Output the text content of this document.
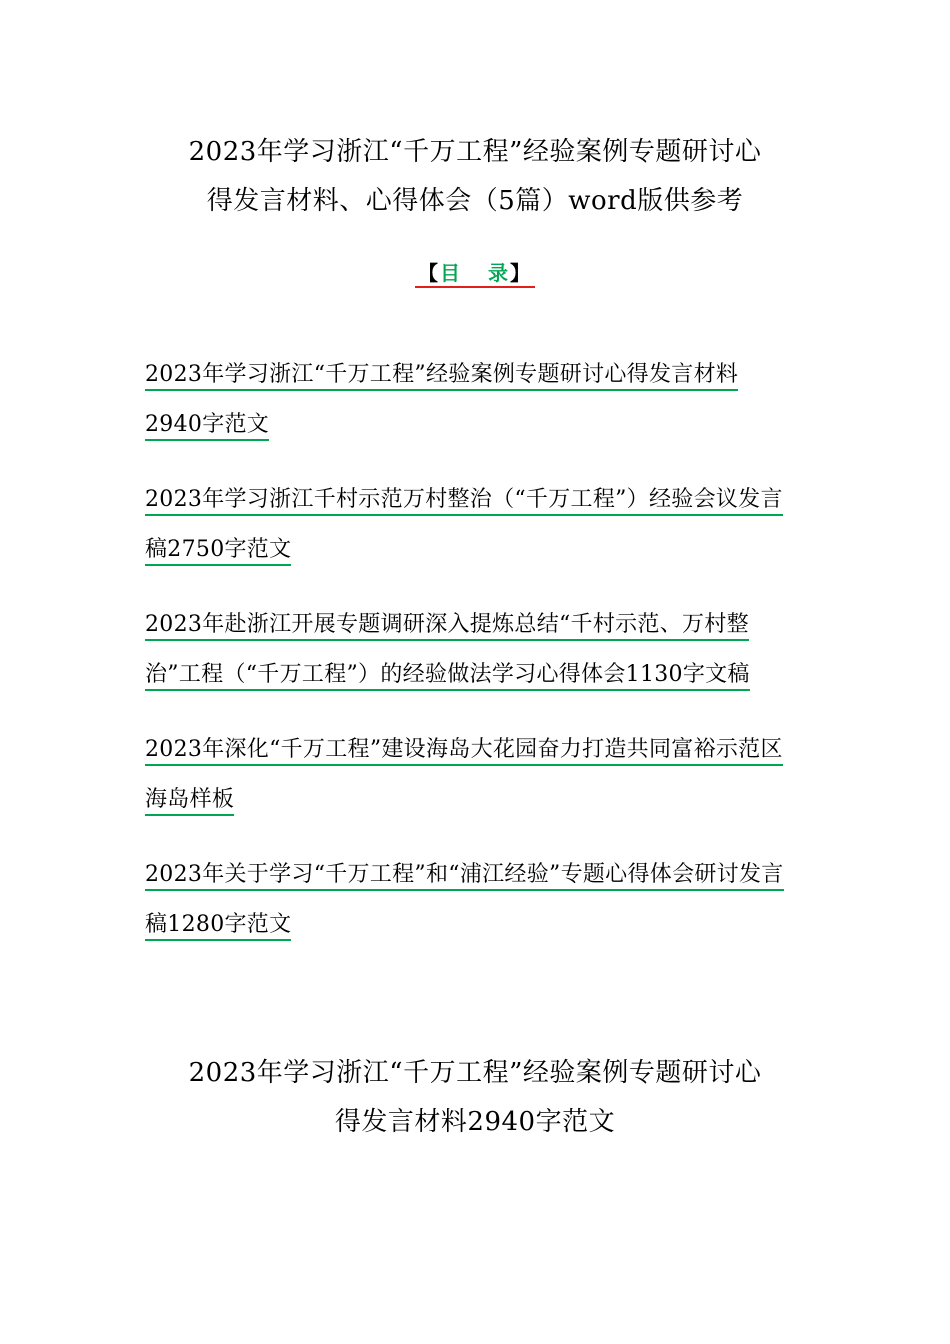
2023年学习浙江“千万工程”经验案例专题研讨心
得发言材料、心得体会（5篇）word版供参考
【目 录】
2023年学习浙江“千万工程”经验案例专题研讨心得发言材料2940字范文
2023年学习浙江千村示范万村整治（“千万工程”）经验会议发言稿2750字范文
2023年赴浙江开展专题调研深入提炼总结“千村示范、万村整治”工程（“千万工程”）的经验做法学习心得体会1130字文稿
2023年深化“千万工程”建设海岛大花园奋力打造共同富裕示范区海岛样板
2023年关于学习“千万工程”和“浦江经验”专题心得体会研讨发言稿1280字范文
2023年学习浙江“千万工程”经验案例专题研讨心
得发言材料2940字范文
